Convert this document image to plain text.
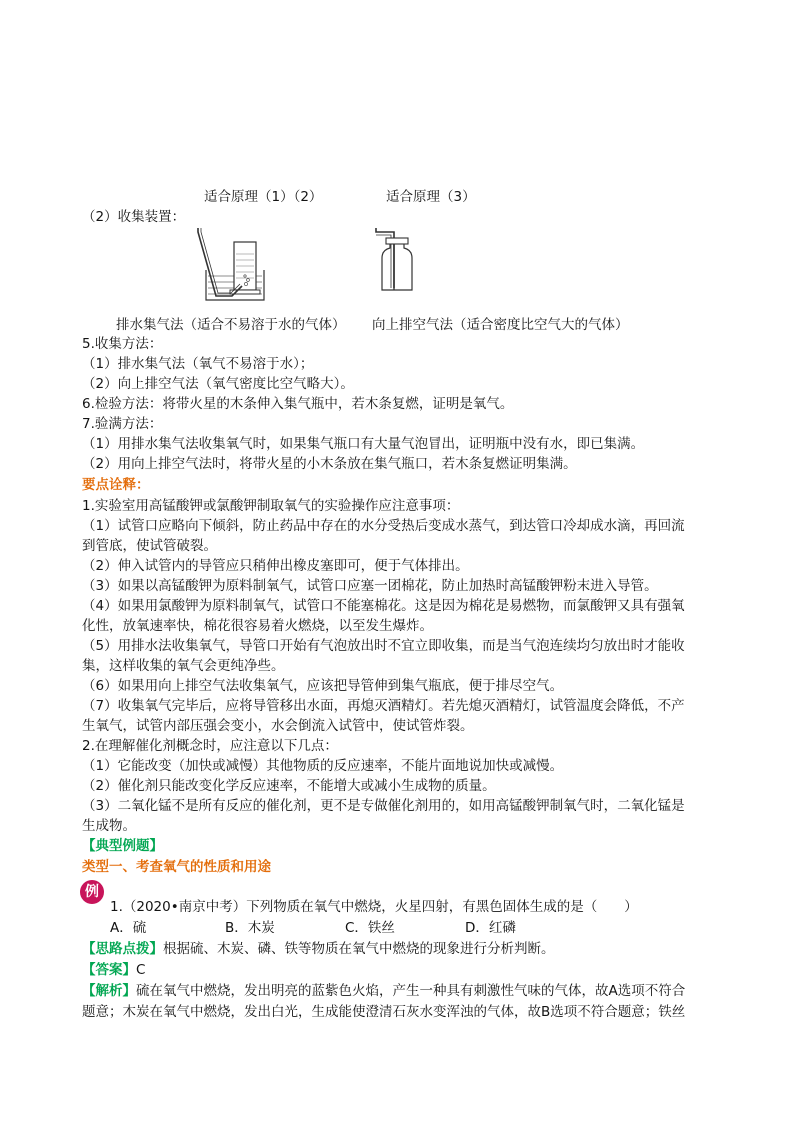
适合原理（1）（2）	适合原理（3）
（2）收集装置：
排水集气法（适合不易溶于水的气体） 向上排空气法（适合密度比空气大的气体）
5.收集方法：
（1）排水集气法（氧气不易溶于水）；
（2）向上排空气法（氧气密度比空气略大）。
6.检验方法：将带火星的木条伸入集气瓶中，若木条复燃，证明是氧气。
7.验满方法：
（1）用排水集气法收集氧气时，如果集气瓶口有大量气泡冒出，证明瓶中没有水，即已集满。
（2）用向上排空气法时，将带火星的小木条放在集气瓶口，若木条复燃证明集满。
要点诠释：
1.实验室用高锰酸钾或氯酸钾制取氧气的实验操作应注意事项：
（1）试管口应略向下倾斜，防止药品中存在的水分受热后变成水蒸气，到达管口冷却成水滴，再回流
到管底，使试管破裂。
（2）伸入试管内的导管应只稍伸出橡皮塞即可，便于气体排出。
（3）如果以高锰酸钾为原料制氧气，试管口应塞一团棉花，防止加热时高锰酸钾粉末进入导管。
（4）如果用氯酸钾为原料制氧气，试管口不能塞棉花。这是因为棉花是易燃物，而氯酸钾又具有强氧
化性，放氧速率快，棉花很容易着火燃烧，以至发生爆炸。
（5）用排水法收集氧气，导管口开始有气泡放出时不宜立即收集，而是当气泡连续均匀放出时才能收
集，这样收集的氧气会更纯净些。
（6）如果用向上排空气法收集氧气，应该把导管伸到集气瓶底，便于排尽空气。
（7）收集氧气完毕后，应将导管移出水面，再熄灭酒精灯。若先熄灭酒精灯，试管温度会降低，不产
生氧气，试管内部压强会变小，水会倒流入试管中，使试管炸裂。
2.在理解催化剂概念时，应注意以下几点：
（1）它能改变（加快或减慢）其他物质的反应速率，不能片面地说加快或减慢。
（2）催化剂只能改变化学反应速率，不能增大或减小生成物的质量。
（3）二氧化锰不是所有反应的催化剂，更不是专做催化剂用的，如用高锰酸钾制氧气时，二氧化锰是
生成物。
【典型例题】
类型一、考查氧气的性质和用途
例
1.（2020•南京中考）下列物质在氧气中燃烧，火星四射，有黑色固体生成的是（　　）
A．硫	B．木炭	C．铁丝	D．红磷
【思路点拨】根据硫、木炭、磷、铁等物质在氧气中燃烧的现象进行分析判断。
【答案】C
【解析】硫在氧气中燃烧，发出明亮的蓝紫色火焰，产生一种具有刺激性气味的气体，故A选项不符合
题意；木炭在氧气中燃烧，发出白光，生成能使澄清石灰水变浑浊的气体，故B选项不符合题意；铁丝
